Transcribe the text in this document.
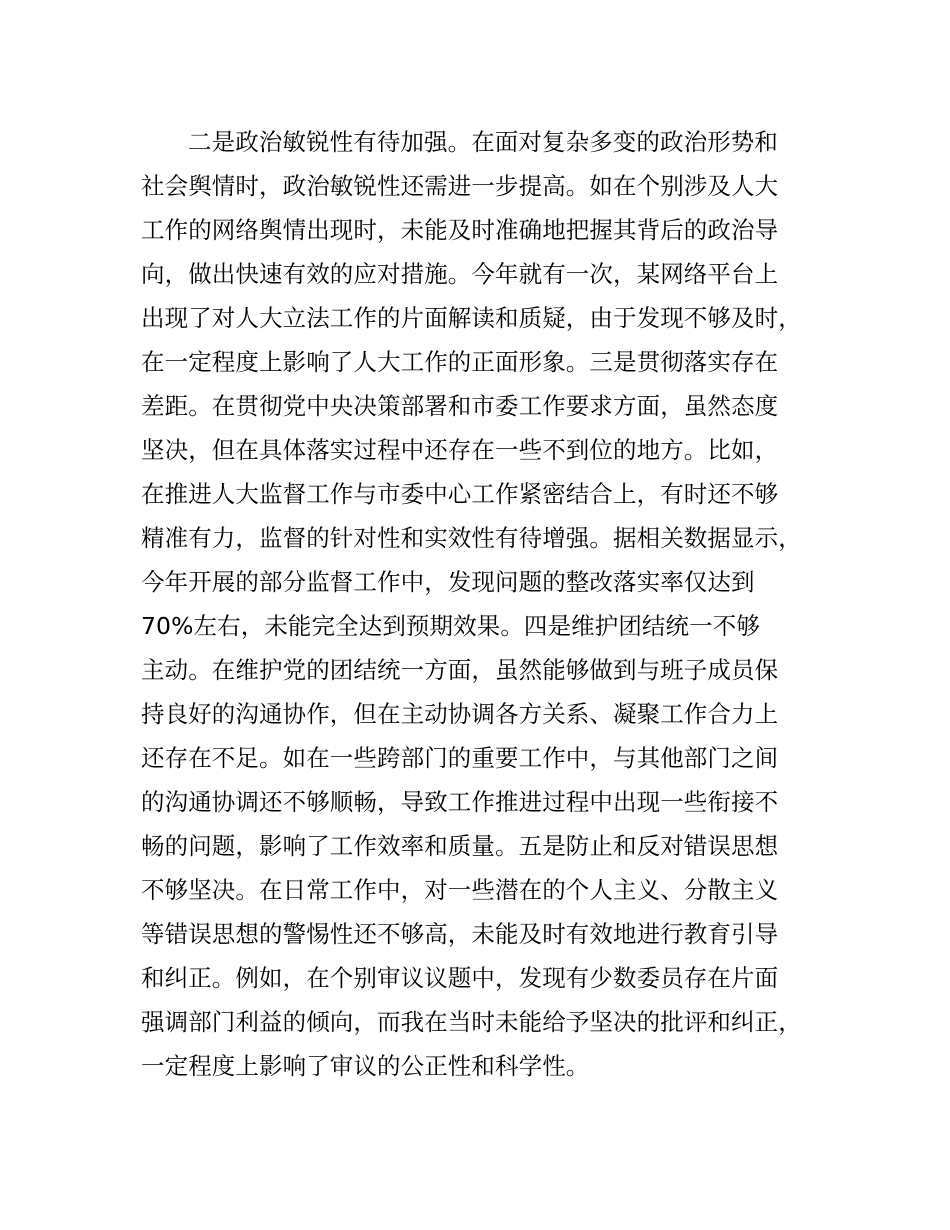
二是政治敏锐性有待加强。在面对复杂多变的政治形势和
社会舆情时，政治敏锐性还需进一步提高。如在个别涉及人大
工作的网络舆情出现时，未能及时准确地把握其背后的政治导
向，做出快速有效的应对措施。今年就有一次，某网络平台上
出现了对人大立法工作的片面解读和质疑，由于发现不够及时，
在一定程度上影响了人大工作的正面形象。三是贯彻落实存在
差距。在贯彻党中央决策部署和市委工作要求方面，虽然态度
坚决，但在具体落实过程中还存在一些不到位的地方。比如，
在推进人大监督工作与市委中心工作紧密结合上，有时还不够
精准有力，监督的针对性和实效性有待增强。据相关数据显示，
今年开展的部分监督工作中，发现问题的整改落实率仅达到
70%左右，未能完全达到预期效果。四是维护团结统一不够
主动。在维护党的团结统一方面，虽然能够做到与班子成员保
持良好的沟通协作，但在主动协调各方关系、凝聚工作合力上
还存在不足。如在一些跨部门的重要工作中，与其他部门之间
的沟通协调还不够顺畅，导致工作推进过程中出现一些衔接不
畅的问题，影响了工作效率和质量。五是防止和反对错误思想
不够坚决。在日常工作中，对一些潜在的个人主义、分散主义
等错误思想的警惕性还不够高，未能及时有效地进行教育引导
和纠正。例如，在个别审议议题中，发现有少数委员存在片面
强调部门利益的倾向，而我在当时未能给予坚决的批评和纠正，
一定程度上影响了审议的公正性和科学性。
